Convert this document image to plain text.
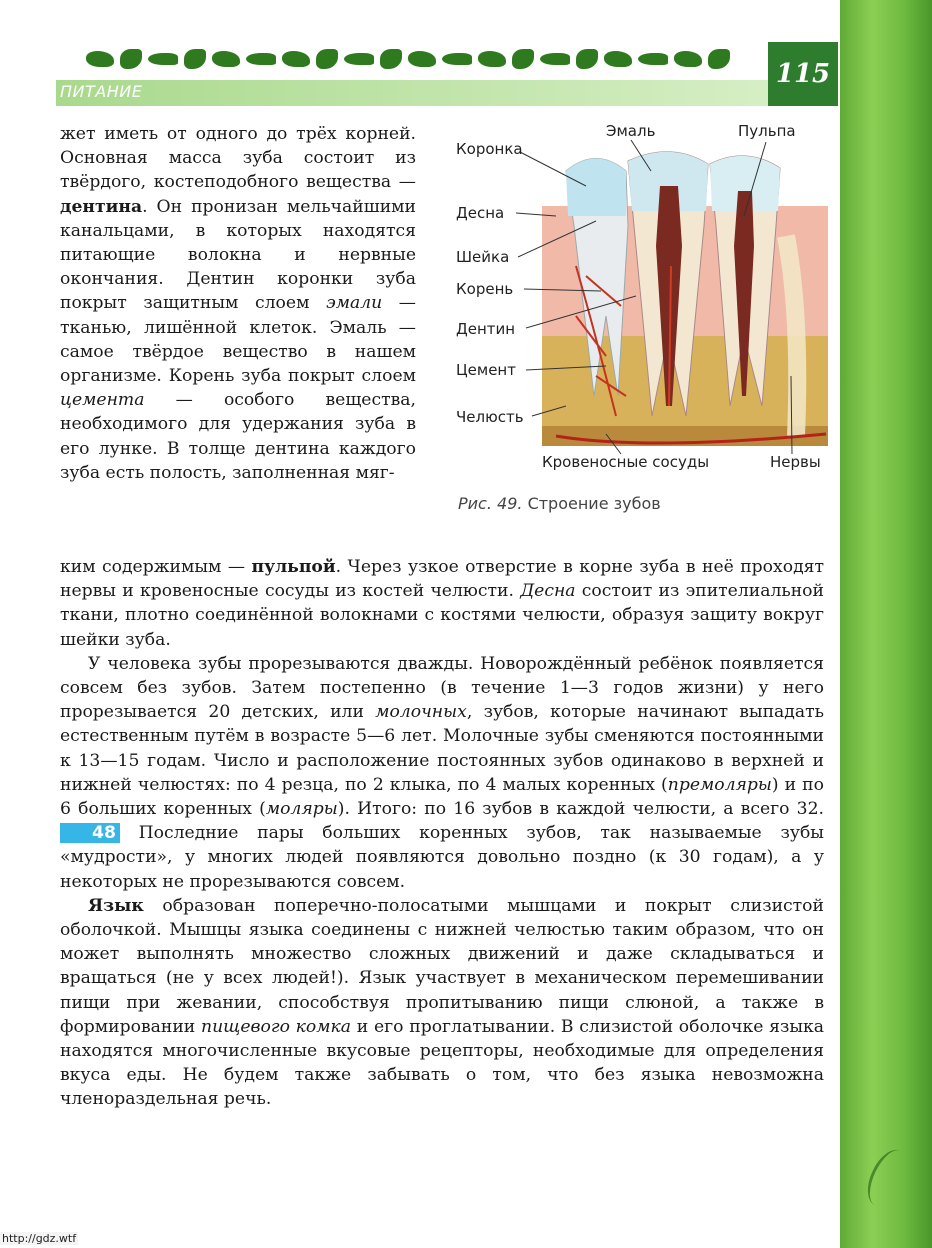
ПИТАНИЕ
115
Коронка
Эмаль	Пульпа
Десна
Шейка
Корень
Дентин
Цемент
Челюсть
Кровеносные сосуды	Нервы
Рис. 49. Строение зубов

жет иметь от одного до трёх корней. Основная масса зуба состоит из твёрдого, костеподобного вещества — дентина. Он пронизан мельчайшими канальцами, в которых находятся питающие волокна и нервные окончания. Дентин коронки зуба покрыт защитным слоем эмали — тканью, лишённой клеток. Эмаль — самое твёрдое вещество в нашем организме. Корень зуба покрыт слоем цемента — особого вещества, необходимого для удержания зуба в его лунке. В толще дентина каждого зуба есть полость, заполненная мяг-

ким содержимым — пульпой. Через узкое отверстие в корне зуба в неё проходят нервы и кровеносные сосуды из костей челюсти. Десна состоит из эпителиальной ткани, плотно соединённой волокнами с костями челюсти, образуя защиту вокруг шейки зуба.

У человека зубы прорезываются дважды. Новорождённый ребёнок появляется совсем без зубов. Затем постепенно (в течение 1—3 годов жизни) у него прорезывается 20 детских, или молочных, зубов, которые начинают выпадать естественным путём в возрасте 5—6 лет. Молочные зубы сменяются постоянными к 13—15 годам. Число и расположение постоянных зубов одинаково в верхней и нижней челюстях: по 4 резца, по 2 клыка, по 4 малых коренных (премоляры) и по 6 больших коренных (моляры). Итого: по 16 зубов в каждой челюсти, а всего 32. 48 Последние пары больших коренных зубов, так называемые зубы «мудрости», у многих людей появляются довольно поздно (к 30 годам), а у некоторых не прорезываются совсем.

Язык образован поперечно-полосатыми мышцами и покрыт слизистой оболочкой. Мышцы языка соединены с нижней челюстью таким образом, что он может выполнять множество сложных движений и даже складываться и вращаться (не у всех людей!). Язык участвует в механическом перемешивании пищи при жевании, способствуя пропитыванию пищи слюной, а также в формировании пищевого комка и его проглатывании. В слизистой оболочке языка находятся многочисленные вкусовые рецепторы, необходимые для определения вкуса еды. Не будем также забывать о том, что без языка невозможна членораздельная речь.

http://gdz.wtf
